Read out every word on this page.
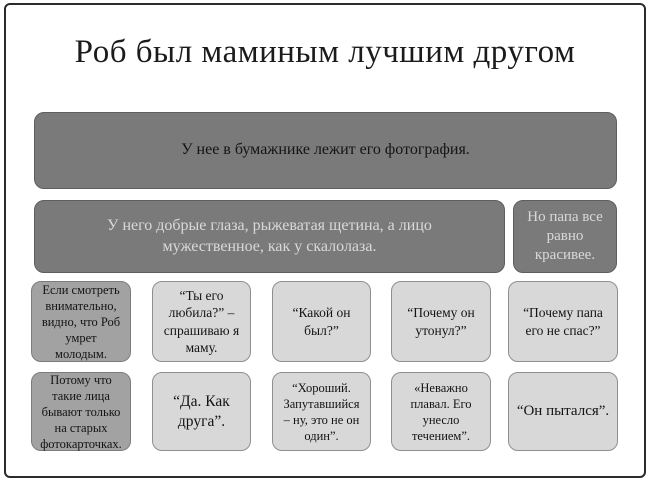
Роб был маминым лучшим другом
У нее в бумажнике лежит его фотография.
У него добрые глаза, рыжеватая щетина, а лицо мужественное, как у скалолаза.
Но папа все равно красивее.
Если смотреть внимательно, видно, что Роб умрет молодым.
“Ты его любила?” – спрашиваю я маму.
“Какой он был?”
“Почему он утонул?”
“Почему папа его не спас?”
Потому что такие лица бывают только на старых фотокарточках.
“Да. Как друга”.
“Хороший. Запутавшийся – ну, это не он один”.
«Неважно плавал. Его унесло течением”.
“Он пытался”.
